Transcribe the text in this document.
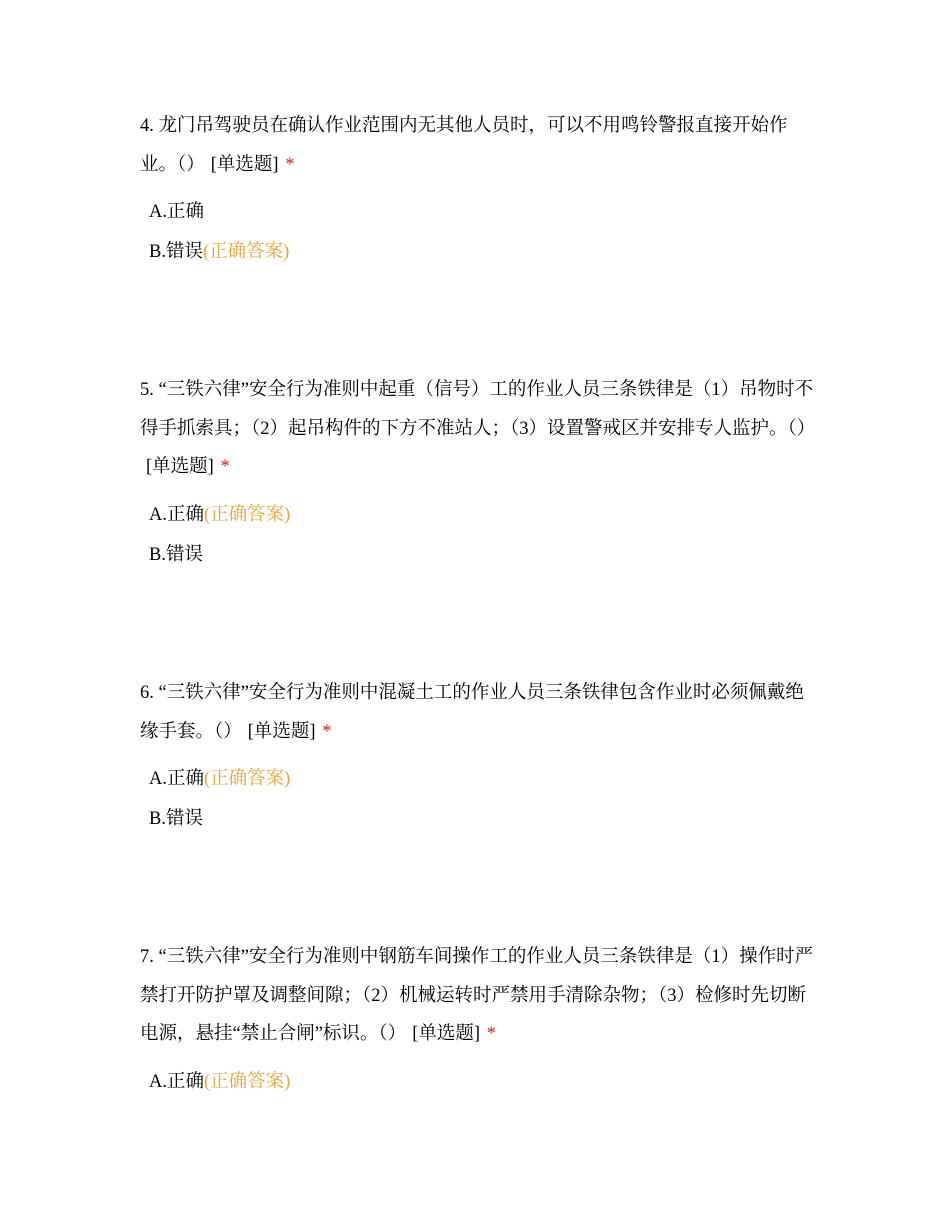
4. 龙门吊驾驶员在确认作业范围内无其他人员时，可以不用鸣铃警报直接开始作业。（） [单选题] *

A.正确
B.错误(正确答案)

5. “三铁六律”安全行为准则中起重（信号）工的作业人员三条铁律是（1）吊物时不得手抓索具；（2）起吊构件的下方不准站人；（3）设置警戒区并安排专人监护。（）[单选题] *

A.正确(正确答案)
B.错误

6. “三铁六律”安全行为准则中混凝土工的作业人员三条铁律包含作业时必须佩戴绝缘手套。（） [单选题] *

A.正确(正确答案)
B.错误

7. “三铁六律”安全行为准则中钢筋车间操作工的作业人员三条铁律是（1）操作时严禁打开防护罩及调整间隙；（2）机械运转时严禁用手清除杂物；（3）检修时先切断电源，悬挂“禁止合闸”标识。（） [单选题] *

A.正确(正确答案)
